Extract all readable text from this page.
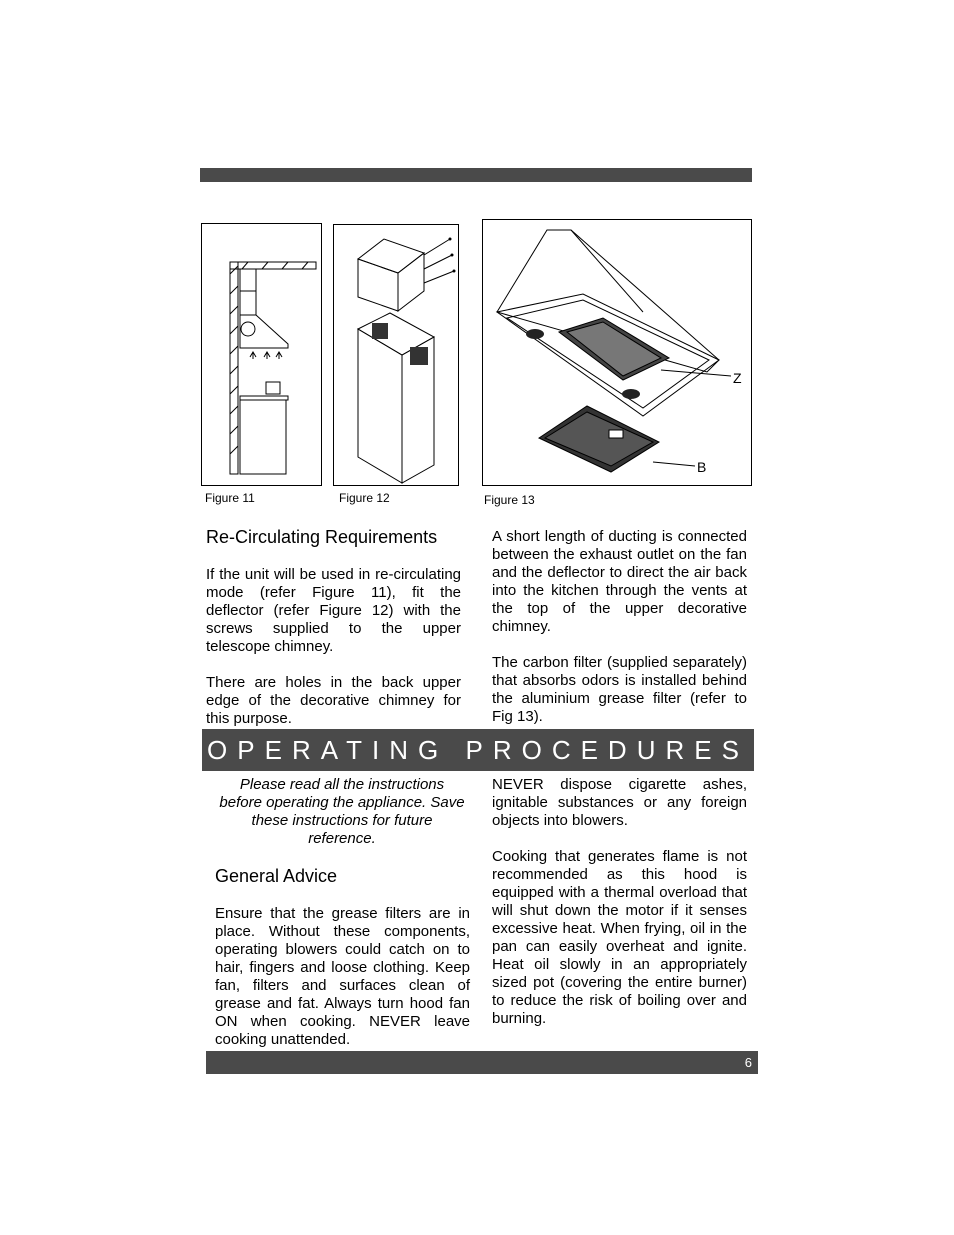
Figure 11	Figure 12
Z
B
Figure 13
Re-Circulating Requirements

If the unit will be used in re-circulating mode (refer Figure 11), fit the deflector (refer Figure 12) with the screws supplied to the upper telescope chimney.

There are holes in the back upper edge of the decorative chimney for this purpose.

A short length of ducting is connected between the exhaust outlet on the fan and the deflector to direct the air back into the kitchen through the vents at the top of the upper decorative chimney.

The carbon filter (supplied separately) that absorbs odors is installed behind the aluminium grease filter (refer to Fig 13).

OPERATING PROCEDURES
Please read all the instructions before operating the appliance. Save these instructions for future reference.
General Advice
Ensure that the grease filters are in place. Without these components, operating blowers could catch on to hair, fingers and loose clothing. Keep fan, filters and surfaces clean of grease and fat. Always turn hood fan ON when cooking. NEVER leave cooking unattended.

NEVER dispose cigarette ashes, ignitable substances or any foreign objects into blowers.

Cooking that generates flame is not recommended as this hood is equipped with a thermal overload that will shut down the motor if it senses excessive heat. When frying, oil in the pan can easily overheat and ignite. Heat oil slowly in an appropriately sized pot (covering the entire burner) to reduce the risk of boiling over and burning.

6
